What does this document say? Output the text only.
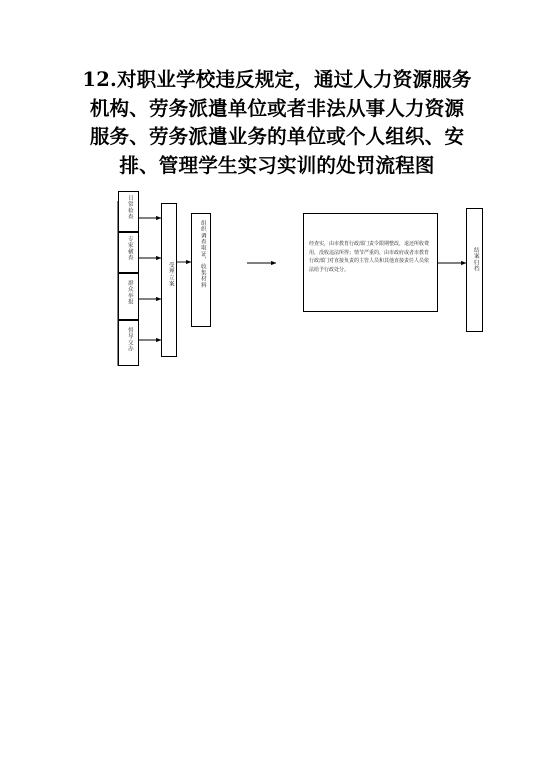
12.对职业学校违反规定，通过人力资源服务
机构、劳务派遣单位或者非法从事人力资源
服务、劳务派遣业务的单位或个人组织、安
排、管理学生实习实训的处罚流程图
日常检查
专家横查
群众举报
督导交办
受理立案	组织调查取证，收集材料	经查实，由市教育行政部门责令限期整改，退还所收费用，没收违法所得；情节严重的，由市政府或者市教育行政部门对直接负责的主管人员和其他直接责任人员依法给予行政处分。	结案归档
